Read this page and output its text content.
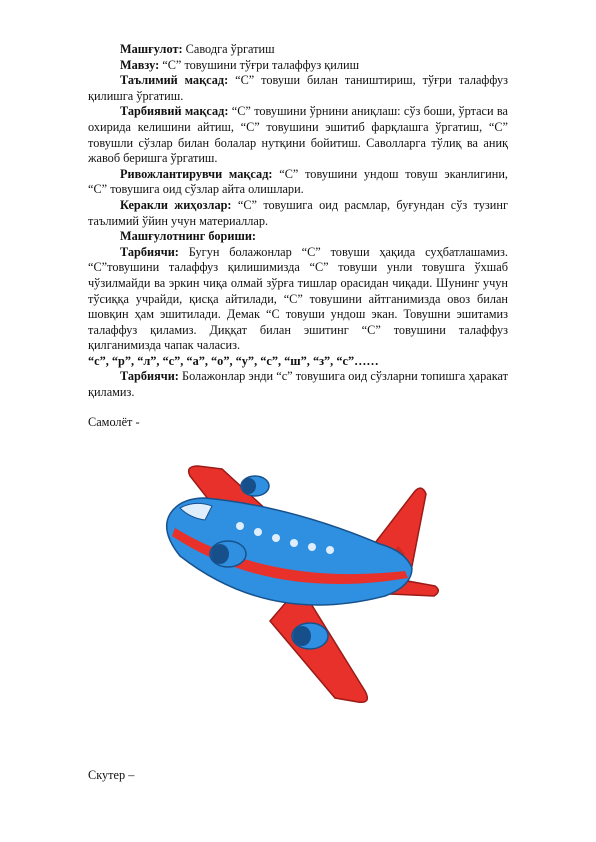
Машғулот: Саводга ўргатиш

Мавзу: “С” товушини тўғри талаффуз қилиш

Таълимий мақсад: “С” товуши билан таништириш, тўғри талаффуз қилишга ўргатиш.

Тарбиявий мақсад: “С” товушини ўрнини аниқлаш: сўз боши, ўртаси ва охирида келишини айтиш, “С” товушини эшитиб фарқлашга ўргатиш, “С” товушли сўзлар билан болалар нутқини бойитиш. Саволларга тўлиқ ва аниқ жавоб беришга ўргатиш.

Ривожлантирувчи мақсад: “С” товушини ундош товуш эканлигини, “С” товушига оид сўзлар айта олишлари.

Керакли жиҳозлар: “С” товушига оид расмлар, буғундан сўз тузинг таълимий ўйин учун материаллар.

Машғулотнинг бориши:

Тарбиячи: Бугун болажонлар “С” товуши ҳақида суҳбатлашамиз. “С”товушини талаффуз қилишимизда “С” товуши унли товушга ўхшаб чўзилмайди ва эркин чиқа олмай зўрға тишлар орасидан чиқади. Шунинг учун тўсиққа учрайди, қисқа айтилади, “С” товушини айтганимизда овоз билан шовқин ҳам эшитилади. Демак “С товуши ундош экан. Товушни эшитамиз талаффуз қиламиз. Диққат билан эшитинг “С” товушини талаффуз қилганимизда чапак чаласиз.

“с”, “р”, “л”, “с”, “а”, “о”, “у”, “с”, “ш”, “з”, “с”……

Тарбиячи: Болажонлар энди “с” товушига оид сўзларни топишга ҳаракат қиламиз.

Самолёт -

Скутер –
